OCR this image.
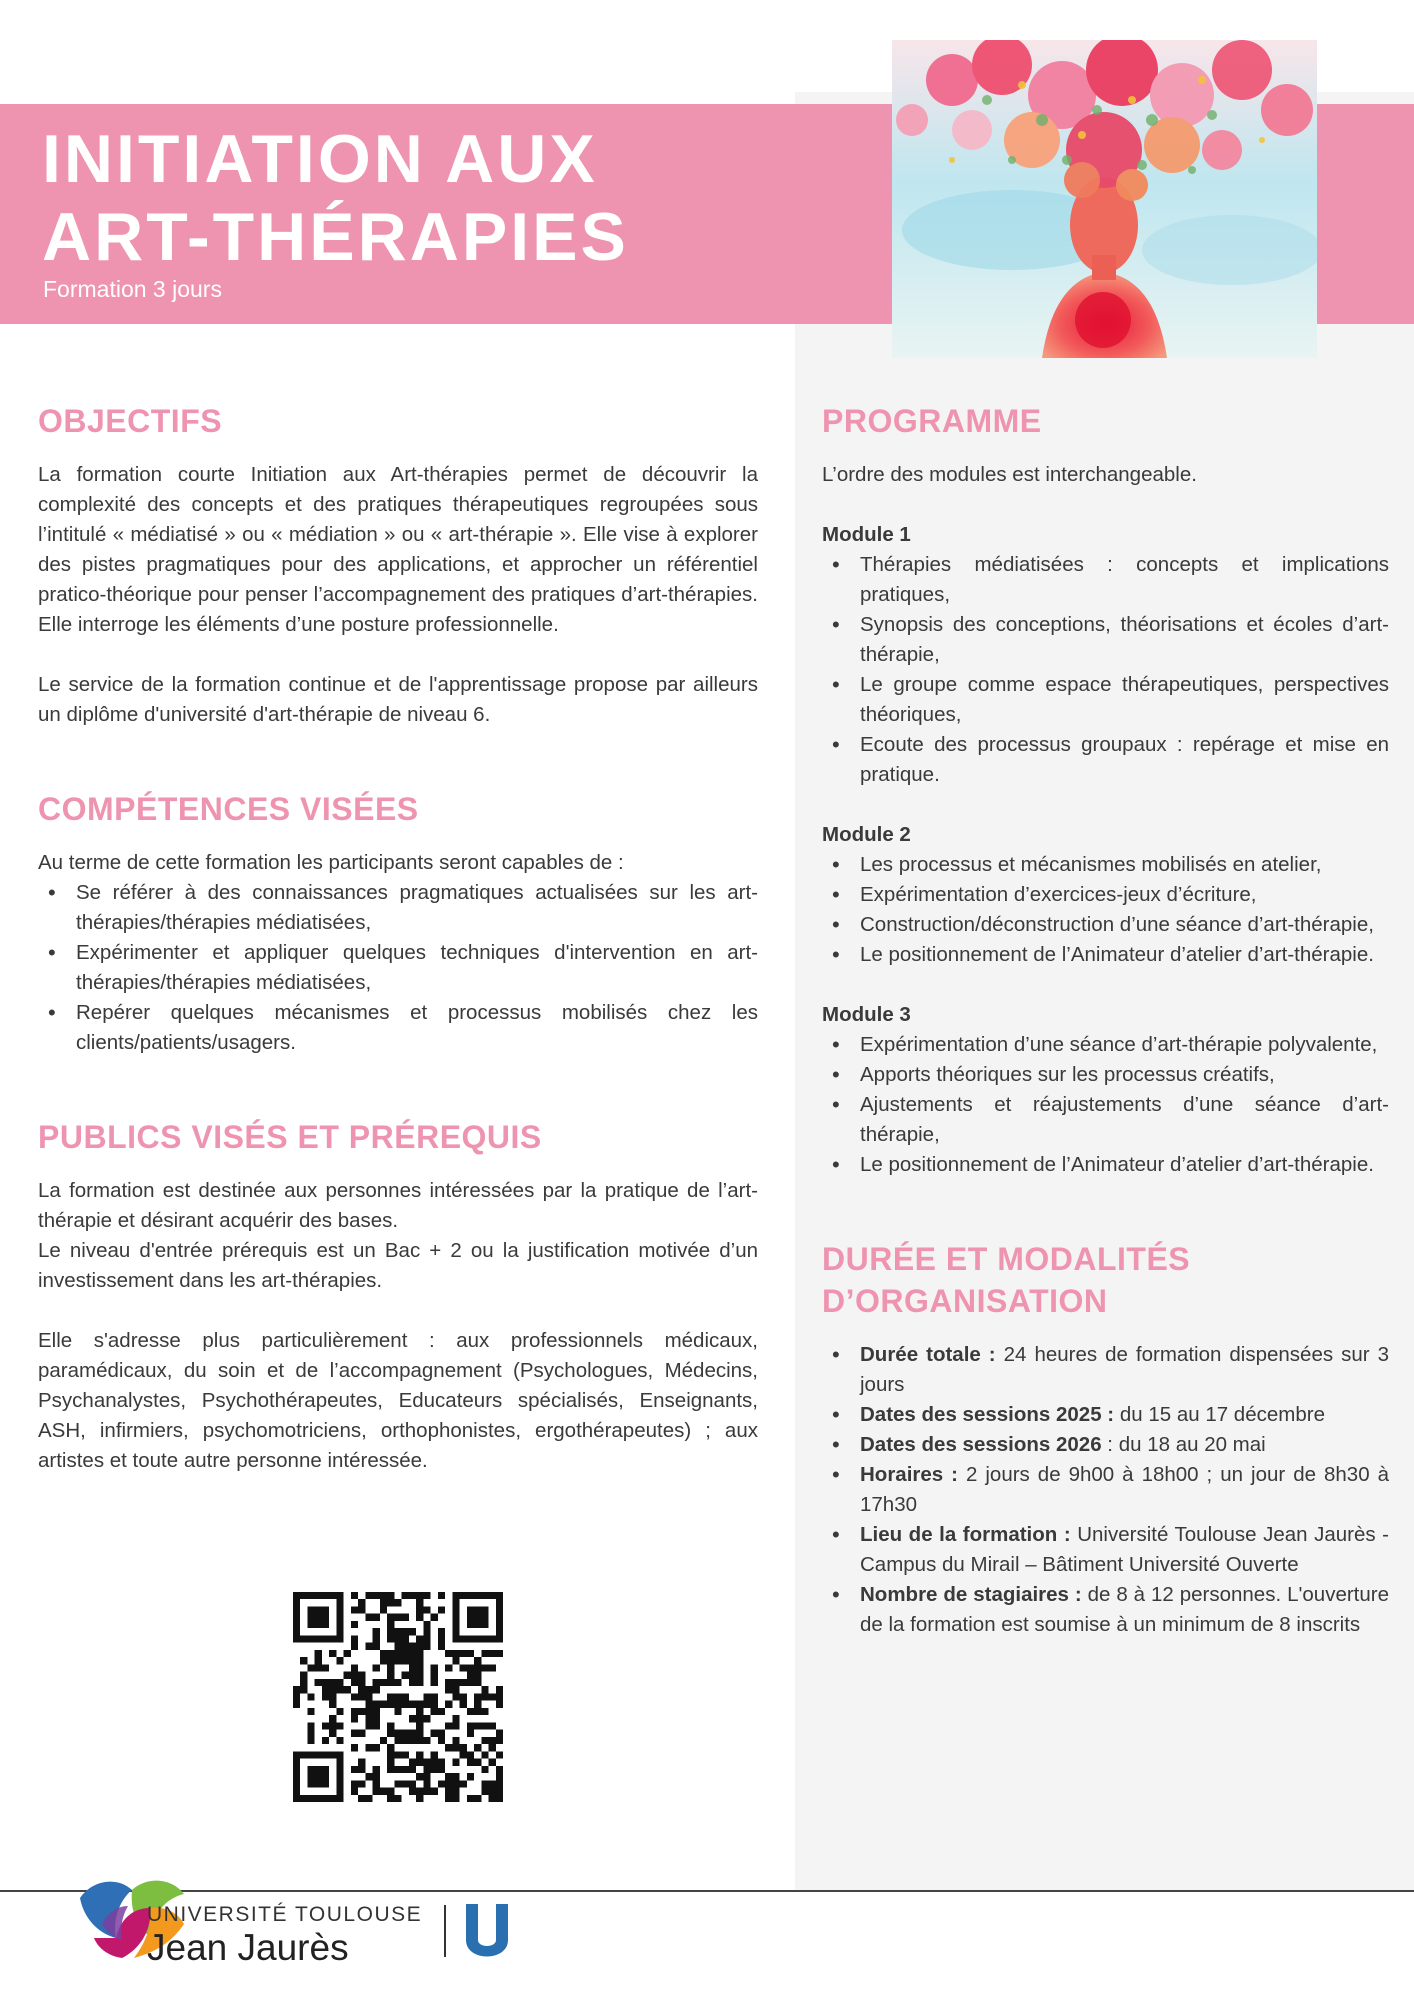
INITIATION AUX
ART-THÉRAPIES
Formation 3 jours
OBJECTIFS

La formation courte Initiation aux Art-thérapies permet de découvrir la complexité des concepts et des pratiques thérapeutiques regroupées sous l’intitulé « médiatisé » ou « médiation » ou « art-thérapie ». Elle vise à explorer des pistes pragmatiques pour des applications, et approcher un référentiel pratico-théorique pour penser l’accompagnement des pratiques d’art-thérapies. Elle interroge les éléments d’une posture professionnelle.

Le service de la formation continue et de l'apprentissage propose par ailleurs un diplôme d'université d'art-thérapie de niveau 6.

COMPÉTENCES VISÉES

Au terme de cette formation les participants seront capables de :

• Se référer à des connaissances pragmatiques actualisées sur les art-thérapies/thérapies médiatisées,
• Expérimenter et appliquer quelques techniques d'intervention en art-thérapies/thérapies médiatisées,
• Repérer quelques mécanismes et processus mobilisés chez les clients/patients/usagers.
PUBLICS VISÉS ET PRÉREQUIS

La formation est destinée aux personnes intéressées par la pratique de l’art-thérapie et désirant acquérir des bases.

Le niveau d'entrée prérequis est un Bac + 2 ou la justification motivée d’un investissement dans les art-thérapies.

Elle s'adresse plus particulièrement : aux professionnels médicaux, paramédicaux, du soin et de l’accompagnement (Psychologues, Médecins, Psychanalystes, Psychothérapeutes, Educateurs spécialisés, Enseignants, ASH, infirmiers, psychomotriciens, orthophonistes, ergothérapeutes) ; aux artistes et toute autre personne intéressée.

PROGRAMME

L’ordre des modules est interchangeable.

Module 1

• Thérapies médiatisées : concepts et implications pratiques,
• Synopsis des conceptions, théorisations et écoles d’art-thérapie,
• Le groupe comme espace thérapeutiques, perspectives théoriques,
• Ecoute des processus groupaux : repérage et mise en pratique.

Module 2

• Les processus et mécanismes mobilisés en atelier,
• Expérimentation d’exercices-jeux d’écriture,
• Construction/déconstruction d’une séance d’art-thérapie,
• Le positionnement de l’Animateur d’atelier d’art-thérapie.

Module 3

• Expérimentation d’une séance d’art-thérapie polyvalente,
• Apports théoriques sur les processus créatifs,
• Ajustements et réajustements d’une séance d’art-thérapie,
• Le positionnement de l’Animateur d’atelier d’art-thérapie.
DURÉE ET MODALITÉS
D’ORGANISATION
• Durée totale : 24 heures de formation dispensées sur 3 jours
• Dates des sessions 2025 : du 15 au 17 décembre
• Dates des sessions 2026 : du 18 au 20 mai
• Horaires : 2 jours de 9h00 à 18h00 ; un jour de 8h30 à 17h30
• Lieu de la formation : Université Toulouse Jean Jaurès - Campus du Mirail – Bâtiment Université Ouverte
• Nombre de stagiaires : de 8 à 12 personnes. L'ouverture de la formation est soumise à un minimum de 8 inscrits
UNIVERSITÉ TOULOUSE
Jean Jaurès
